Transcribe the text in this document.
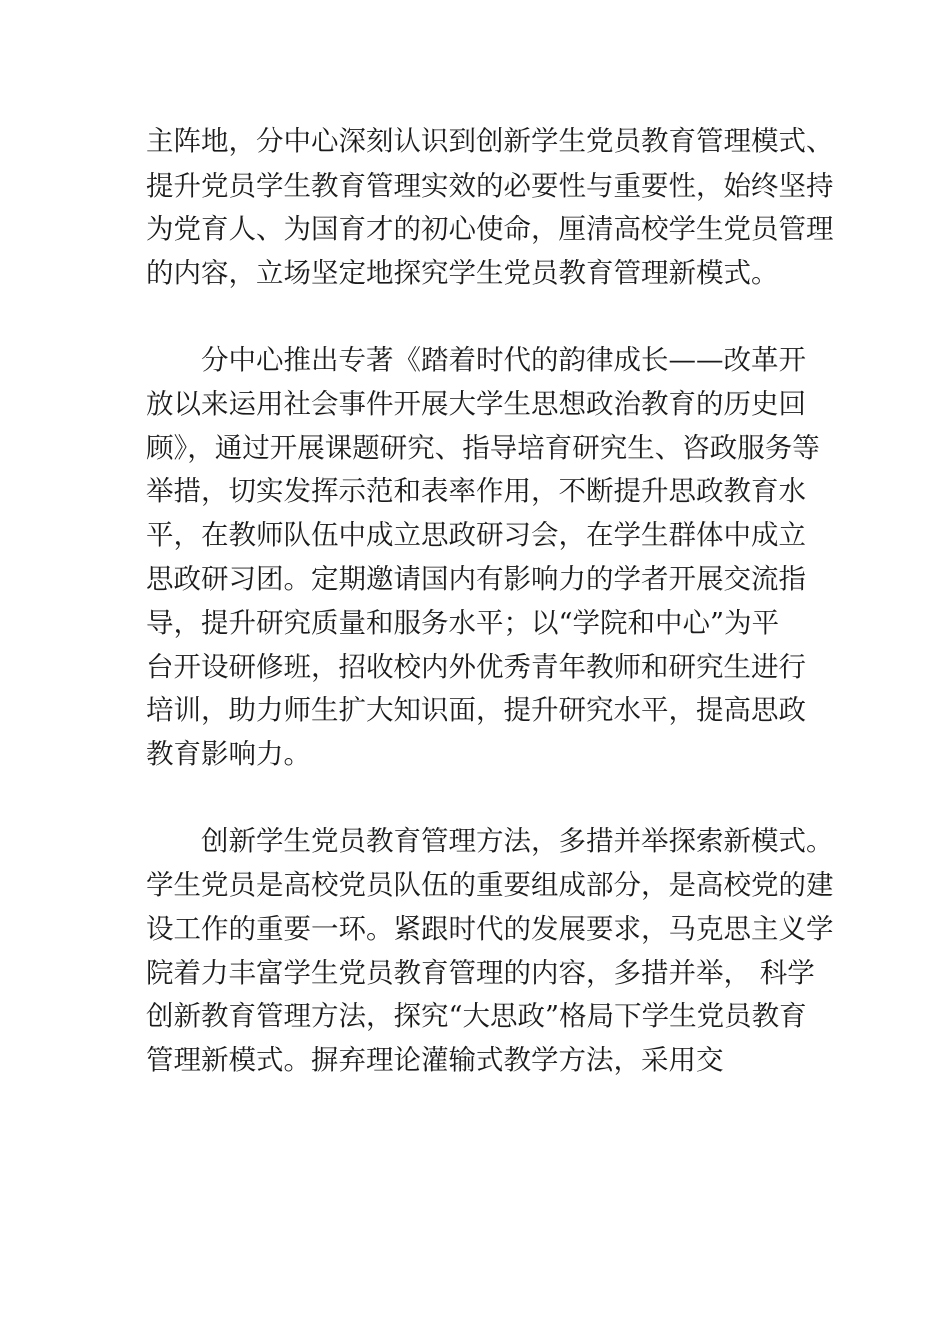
主阵地，分中心深刻认识到创新学生党员教育管理模式、

提升党员学生教育管理实效的必要性与重要性，始终坚持

为党育人、为国育才的初心使命，厘清高校学生党员管理

的内容，立场坚定地探究学生党员教育管理新模式。

分中心推出专著《踏着时代的韵律成长——改革开

放以来运用社会事件开展大学生思想政治教育的历史回

顾》，通过开展课题研究、指导培育研究生、咨政服务等

举措，切实发挥示范和表率作用，不断提升思政教育水

平，在教师队伍中成立思政研习会，在学生群体中成立

思政研习团。定期邀请国内有影响力的学者开展交流指

导，提升研究质量和服务水平；以“学院和中心”为平

台开设研修班，招收校内外优秀青年教师和研究生进行

培训，助力师生扩大知识面，提升研究水平，提高思政

教育影响力。

创新学生党员教育管理方法，多措并举探索新模式。

学生党员是高校党员队伍的重要组成部分，是高校党的建

设工作的重要一环。紧跟时代的发展要求，马克思主义学

院着力丰富学生党员教育管理的内容，多措并举， 科学

创新教育管理方法，探究“大思政”格局下学生党员教育

管理新模式。摒弃理论灌输式教学方法，采用交
